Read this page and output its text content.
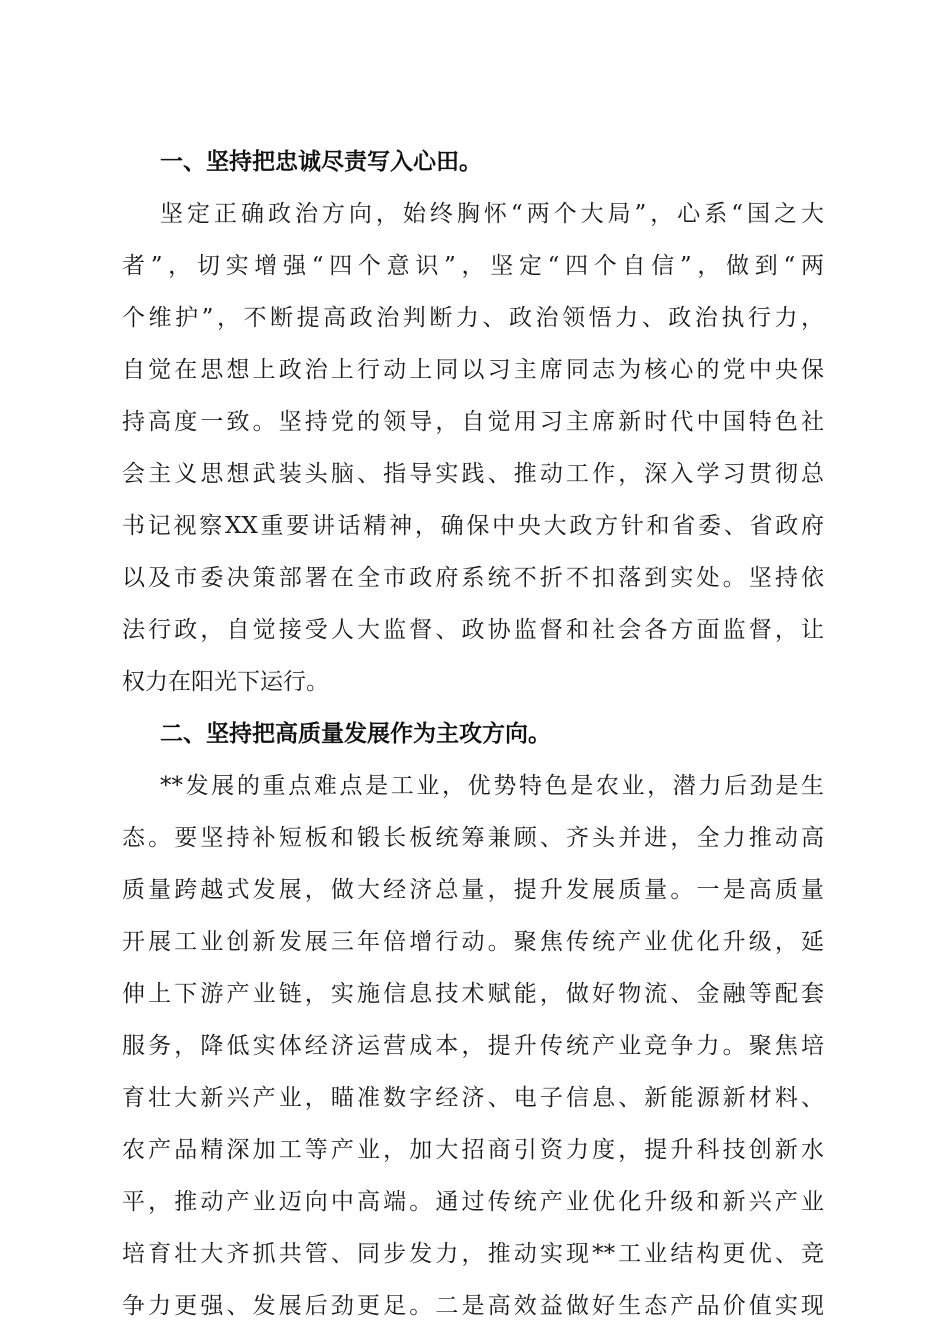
一、坚持把忠诚尽责写入心田。
坚定正确政治方向，始终胸怀“两个大局”，心系“国之大
者”，切实增强“四个意识”，坚定“四个自信”，做到“两
个维护”，不断提高政治判断力、政治领悟力、政治执行力，
自觉在思想上政治上行动上同以习主席同志为核心的党中央保
持高度一致。坚持党的领导，自觉用习主席新时代中国特色社
会主义思想武装头脑、指导实践、推动工作，深入学习贯彻总
书记视察XX重要讲话精神，确保中央大政方针和省委、省政府
以及市委决策部署在全市政府系统不折不扣落到实处。坚持依
法行政，自觉接受人大监督、政协监督和社会各方面监督，让
权力在阳光下运行。
二、坚持把高质量发展作为主攻方向。
**发展的重点难点是工业，优势特色是农业，潜力后劲是生
态。要坚持补短板和锻长板统筹兼顾、齐头并进，全力推动高
质量跨越式发展，做大经济总量，提升发展质量。一是高质量
开展工业创新发展三年倍增行动。聚焦传统产业优化升级，延
伸上下游产业链，实施信息技术赋能，做好物流、金融等配套
服务，降低实体经济运营成本，提升传统产业竞争力。聚焦培
育壮大新兴产业，瞄准数字经济、电子信息、新能源新材料、
农产品精深加工等产业，加大招商引资力度，提升科技创新水
平，推动产业迈向中高端。通过传统产业优化升级和新兴产业
培育壮大齐抓共管、同步发力，推动实现**工业结构更优、竞
争力更强、发展后劲更足。二是高效益做好生态产品价值实现
